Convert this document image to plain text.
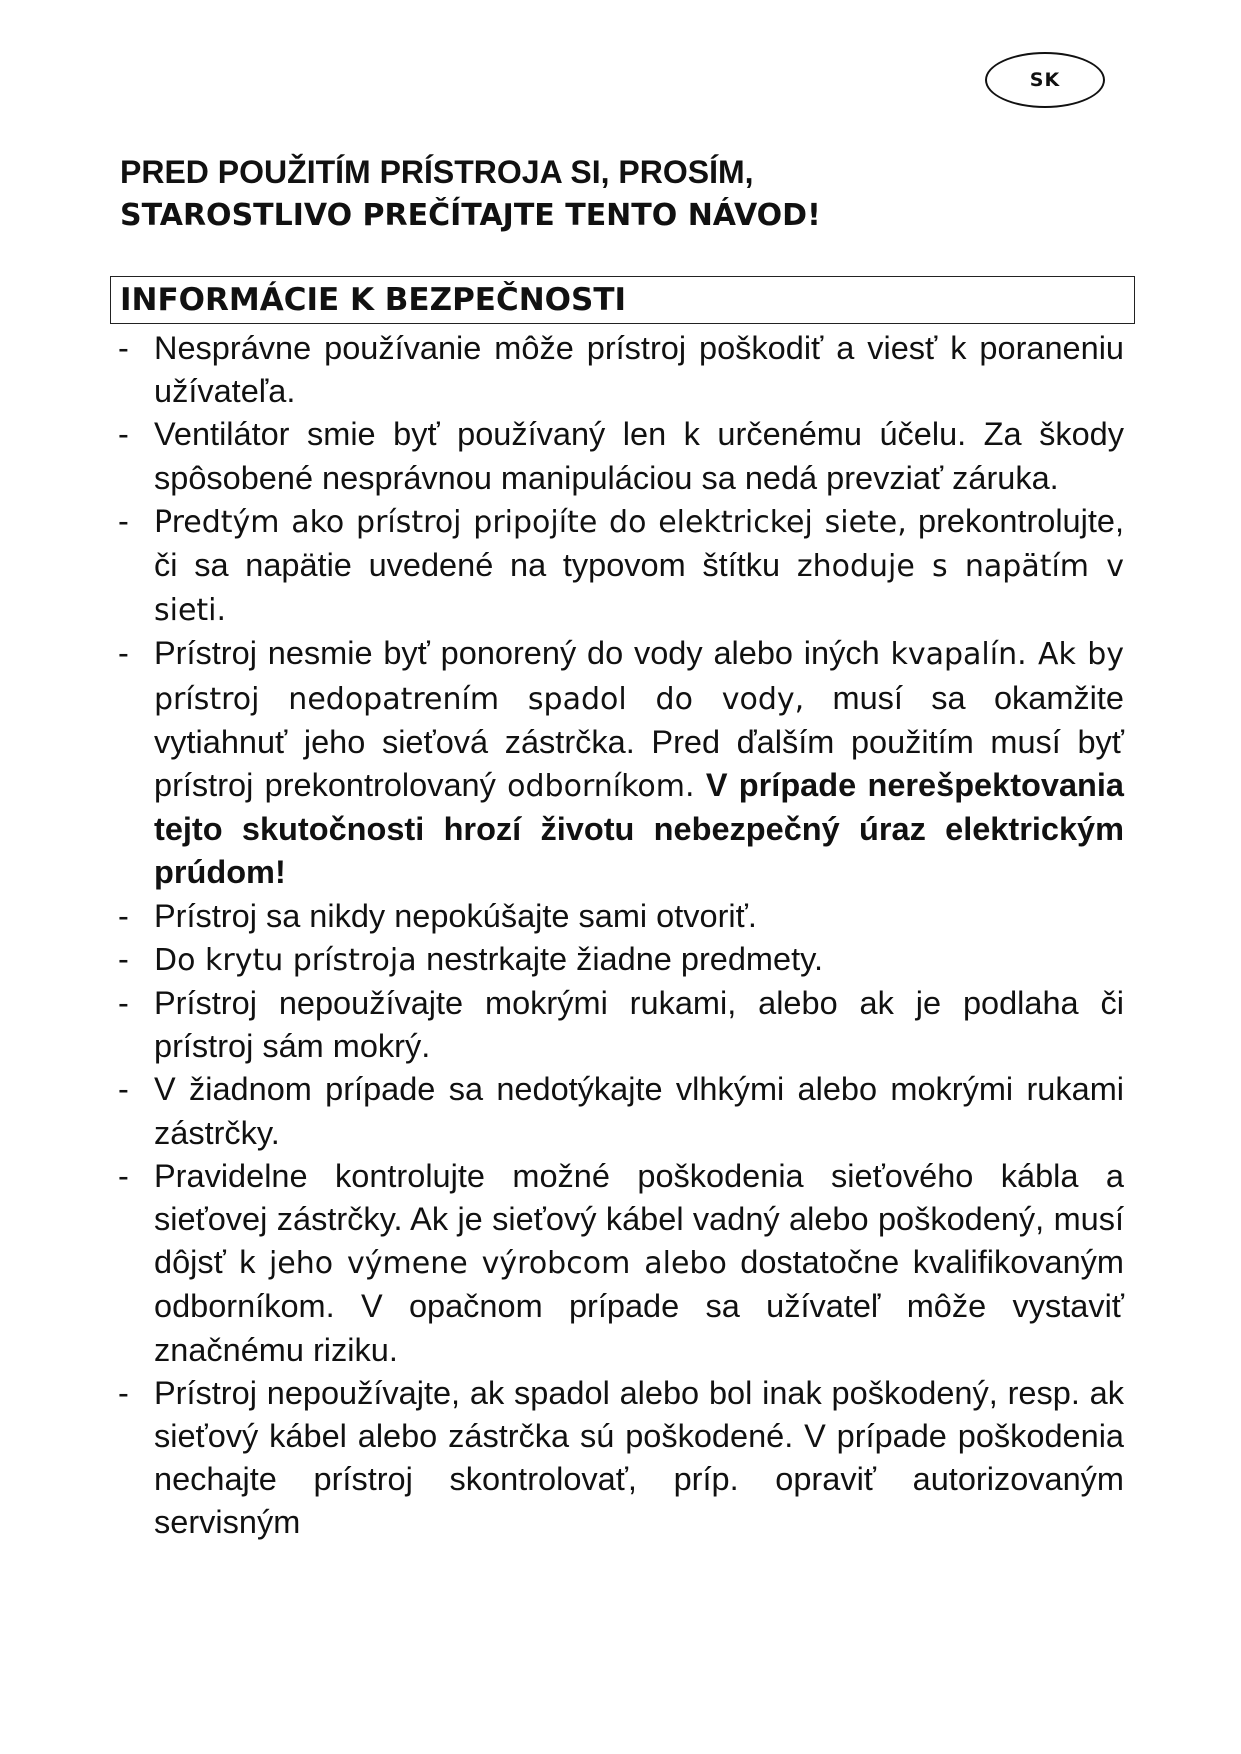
SK
PRED POUŽITÍM PRÍSTROJA SI, PROSÍM,
STAROSTLIVO PREČÍTAJTE TENTO NÁVOD!
INFORMÁCIE K BEZPEČ NOSTI
- Nesprávne používanie môže prístroj poškodiť a viesť k poraneniu užívateľa.
- Ventilátor smie byť používaný len k určenému účelu. Za škody spôsobené nesprávnou manipuláciou sa nedá prevziať záruka.
- Predtým ako prístroj pripojíte do elektrickej siete, prekontrolujte, či sa napätie uvedené na typovom štítku zhoduje s napätím v sieti.
- Prístroj nesmie byť ponorený do vody alebo iných kvapalín. Ak by prístroj nedopatrením spadol do vody, musí sa okamžite vytiahnuť jeho sieťová zástrčka. Pred ďalším použitím musí byť prístroj prekontrolovaný odborníkom. V prípade nerešpektovania tejto skutočnosti hrozí životu nebezpečný úraz elektrickým prúdom!
- Prístroj sa nikdy nepokúšajte sami otvoriť.
- Do krytu prístroja nestrkajte žiadne predmety.
- Prístroj nepoužívajte mokrými rukami, alebo ak je podlaha či prístroj sám mokrý.
- V žiadnom prípade sa nedotýkajte vlhkými alebo mokrými rukami zástrčky.
- Pravidelne kontrolujte možné poškodenia sieťového kábla a sieťovej zástrčky. Ak je sieťový kábel vadný alebo poškodený, musí dôjsť k jeho výmene výrobcom alebo dostatočne kvalifikovaným odborníkom. V opačnom prípade sa užívateľ môže vystaviť značnému riziku.
- Prístroj nepoužívajte, ak spadol alebo bol inak poškodený, resp. ak sieťový kábel alebo zástrčka sú poškodené. V prípade poškodenia nechajte prístroj skontrolovať, príp. opraviť autorizovaným servisným
